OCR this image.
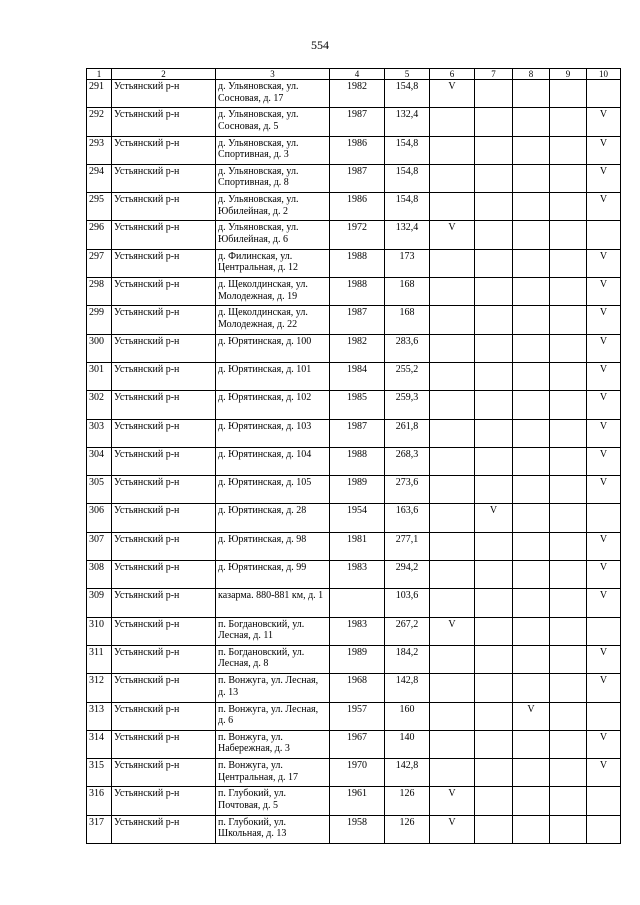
554
1	2	3	4	5	6	7	8	9	10
291	Устьянский р-н	д. Ульяновская, ул. Сосновая, д. 17	1982	154,8	V				
292	Устьянский р-н	д. Ульяновская, ул. Сосновая, д. 5	1987	132,4					V
293	Устьянский р-н	д. Ульяновская, ул. Спортивная, д. 3	1986	154,8					V
294	Устьянский р-н	д. Ульяновская, ул. Спортивная, д. 8	1987	154,8					V
295	Устьянский р-н	д. Ульяновская, ул. Юбилейная, д. 2	1986	154,8					V
296	Устьянский р-н	д. Ульяновская, ул. Юбилейная, д. 6	1972	132,4	V				
297	Устьянский р-н	д. Филинская, ул. Центральная, д. 12	1988	173					V
298	Устьянский р-н	д. Щеколдинская, ул. Молодежная, д. 19	1988	168					V
299	Устьянский р-н	д. Щеколдинская, ул. Молодежная, д. 22	1987	168					V
300	Устьянский р-н	д. Юрятинская, д. 100	1982	283,6					V
301	Устьянский р-н	д. Юрятинская, д. 101	1984	255,2					V
302	Устьянский р-н	д. Юрятинская, д. 102	1985	259,3					V
303	Устьянский р-н	д. Юрятинская, д. 103	1987	261,8					V
304	Устьянский р-н	д. Юрятинская, д. 104	1988	268,3					V
305	Устьянский р-н	д. Юрятинская, д. 105	1989	273,6					V
306	Устьянский р-н	д. Юрятинская, д. 28	1954	163,6		V			
307	Устьянский р-н	д. Юрятинская, д. 98	1981	277,1					V
308	Устьянский р-н	д. Юрятинская, д. 99	1983	294,2					V
309	Устьянский р-н	казарма. 880-881 км, д. 1		103,6					V
310	Устьянский р-н	п. Богдановский, ул. Лесная, д. 11	1983	267,2	V				
311	Устьянский р-н	п. Богдановский, ул. Лесная, д. 8	1989	184,2					V
312	Устьянский р-н	п. Вонжуга, ул. Лесная, д. 13	1968	142,8					V
313	Устьянский р-н	п. Вонжуга, ул. Лесная, д. 6	1957	160			V		
314	Устьянский р-н	п. Вонжуга, ул. Набережная, д. 3	1967	140					V
315	Устьянский р-н	п. Вонжуга, ул. Центральная, д. 17	1970	142,8					V
316	Устьянский р-н	п. Глубокий, ул. Почтовая, д. 5	1961	126	V				
317	Устьянский р-н	п. Глубокий, ул. Школьная, д. 13	1958	126	V				
